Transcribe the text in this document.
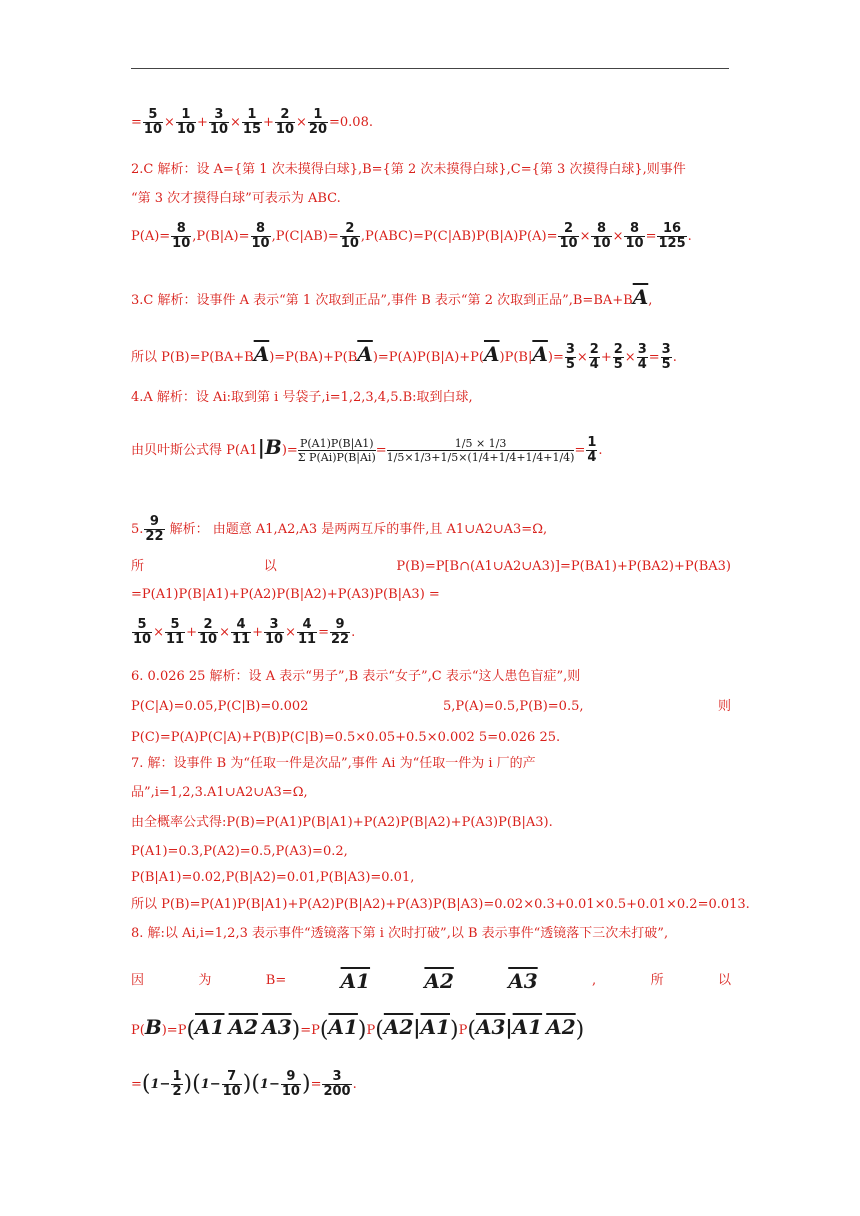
= $\frac{5}{10} \times \frac{1}{10} + \frac{3}{10} \times \frac{1}{15} + \frac{2}{10} \times \frac{1}{20} =0.08$.
2.C 解析：设 A={第 1 次未摸得白球},B={第 2 次未摸得白球},C={第 3 次摸得白球},则事件
“第 3 次才摸得白球”可表示为 ABC.
$P(A)= \frac{8}{10} ,P(B|A)= \frac{8}{10} ,P(C|AB)= \frac{2}{10} ,P(ABC)=P(C|AB)P(B|A)P(A)= \frac{2}{10} \times \frac{8}{10} \times \frac{8}{10} = \frac{16}{125}$ .
3.C 解析：设事件 A 表示“第 1 次取到正品”,事件 B 表示“第 2 次取到正品$”,B=BA+B\overline{A}$,
所以 $P(B)=P(BA+B\overline{A})=P(BA)+P(B\overline{A})=P(A)P(B|A)+P(\overline{A})P(B|\overline{A})= \frac{3}{5} \times \frac{2}{4} + \frac{2}{5} \times \frac{3}{4} = \frac{3}{5}$ .
4.A 解析：设 Ai:取到第 i 号袋子,i=1,2,3,4,5.B:取到白球,
由贝叶斯公式得 $P(A1|B)= \frac{P(A1)P(B|A1)}{\text{Σ P(Ai)P(B|Ai)}}= \frac{1/5 \times 1/3}{1/5\times 1/3+1/5\times(1/4+1/4+1/4+1/4)}= \frac{1}{4}$ .
5. $\frac{9}{22}$ 解析： 由题意 A1,A2,A3 是两两互斥的事件,且 A1∪A2∪A3=Ω,
所	以	P(B)=P[B∩(A1∪A2∪A3)]=P(BA1)+P(BA2)+P(BA3)
=P(A1)P(B|A1)+P(A2)P(B|A2)+P(A3)P(B|A3) =
$\frac{5}{10} \times \frac{5}{11} + \frac{2}{10} \times \frac{4}{11} + \frac{3}{10} \times \frac{4}{11} = \frac{9}{22}$ .
6. 0.026 25 解析：设 A 表示“男子”,B 表示“女子”,C 表示“这人患色盲症”,则
P(C|A)=0.05,P(C|B)=0.002	5,P(A)=0.5,P(B)=0.5,	则
P(C)=P(A)P(C|A)+P(B)P(C|B)=0.5×0.05+0.5×0.002 5=0.026 25.
7. 解：设事件 B 为“任取一件是次品”,事件 Ai 为“任取一件为 i 厂的产
品”,i=1,2,3.A1∪A2∪A3=Ω,
由全概率公式得:P(B)=P(A1)P(B|A1)+P(A2)P(B|A2)+P(A3)P(B|A3).
P(A1)=0.3,P(A2)=0.5,P(A3)=0.2,
P(B|A1)=0.02,P(B|A2)=0.01,P(B|A3)=0.01,
所以 P(B)=P(A1)P(B|A1)+P(A2)P(B|A2)+P(A3)P(B|A3)=0.02×0.3+0.01×0.5+0.01×0.2=0.013.
8. 解:以 Ai,i=1,2,3 表示事件“透镜落下第 i 次时打破”,以 B 表示事件“透镜落下三次未打破”,
因	为	B=	A1	A2	A3	,	所	以
P(B)=P(A1 A2 A3)=P(A1)P(A2|A1)P(A3|A1 A2)
$=(1- \frac{1}{2} )(1- \frac{7}{10} )(1- \frac{9}{10}$ )= $\frac{3}{200}$ .
